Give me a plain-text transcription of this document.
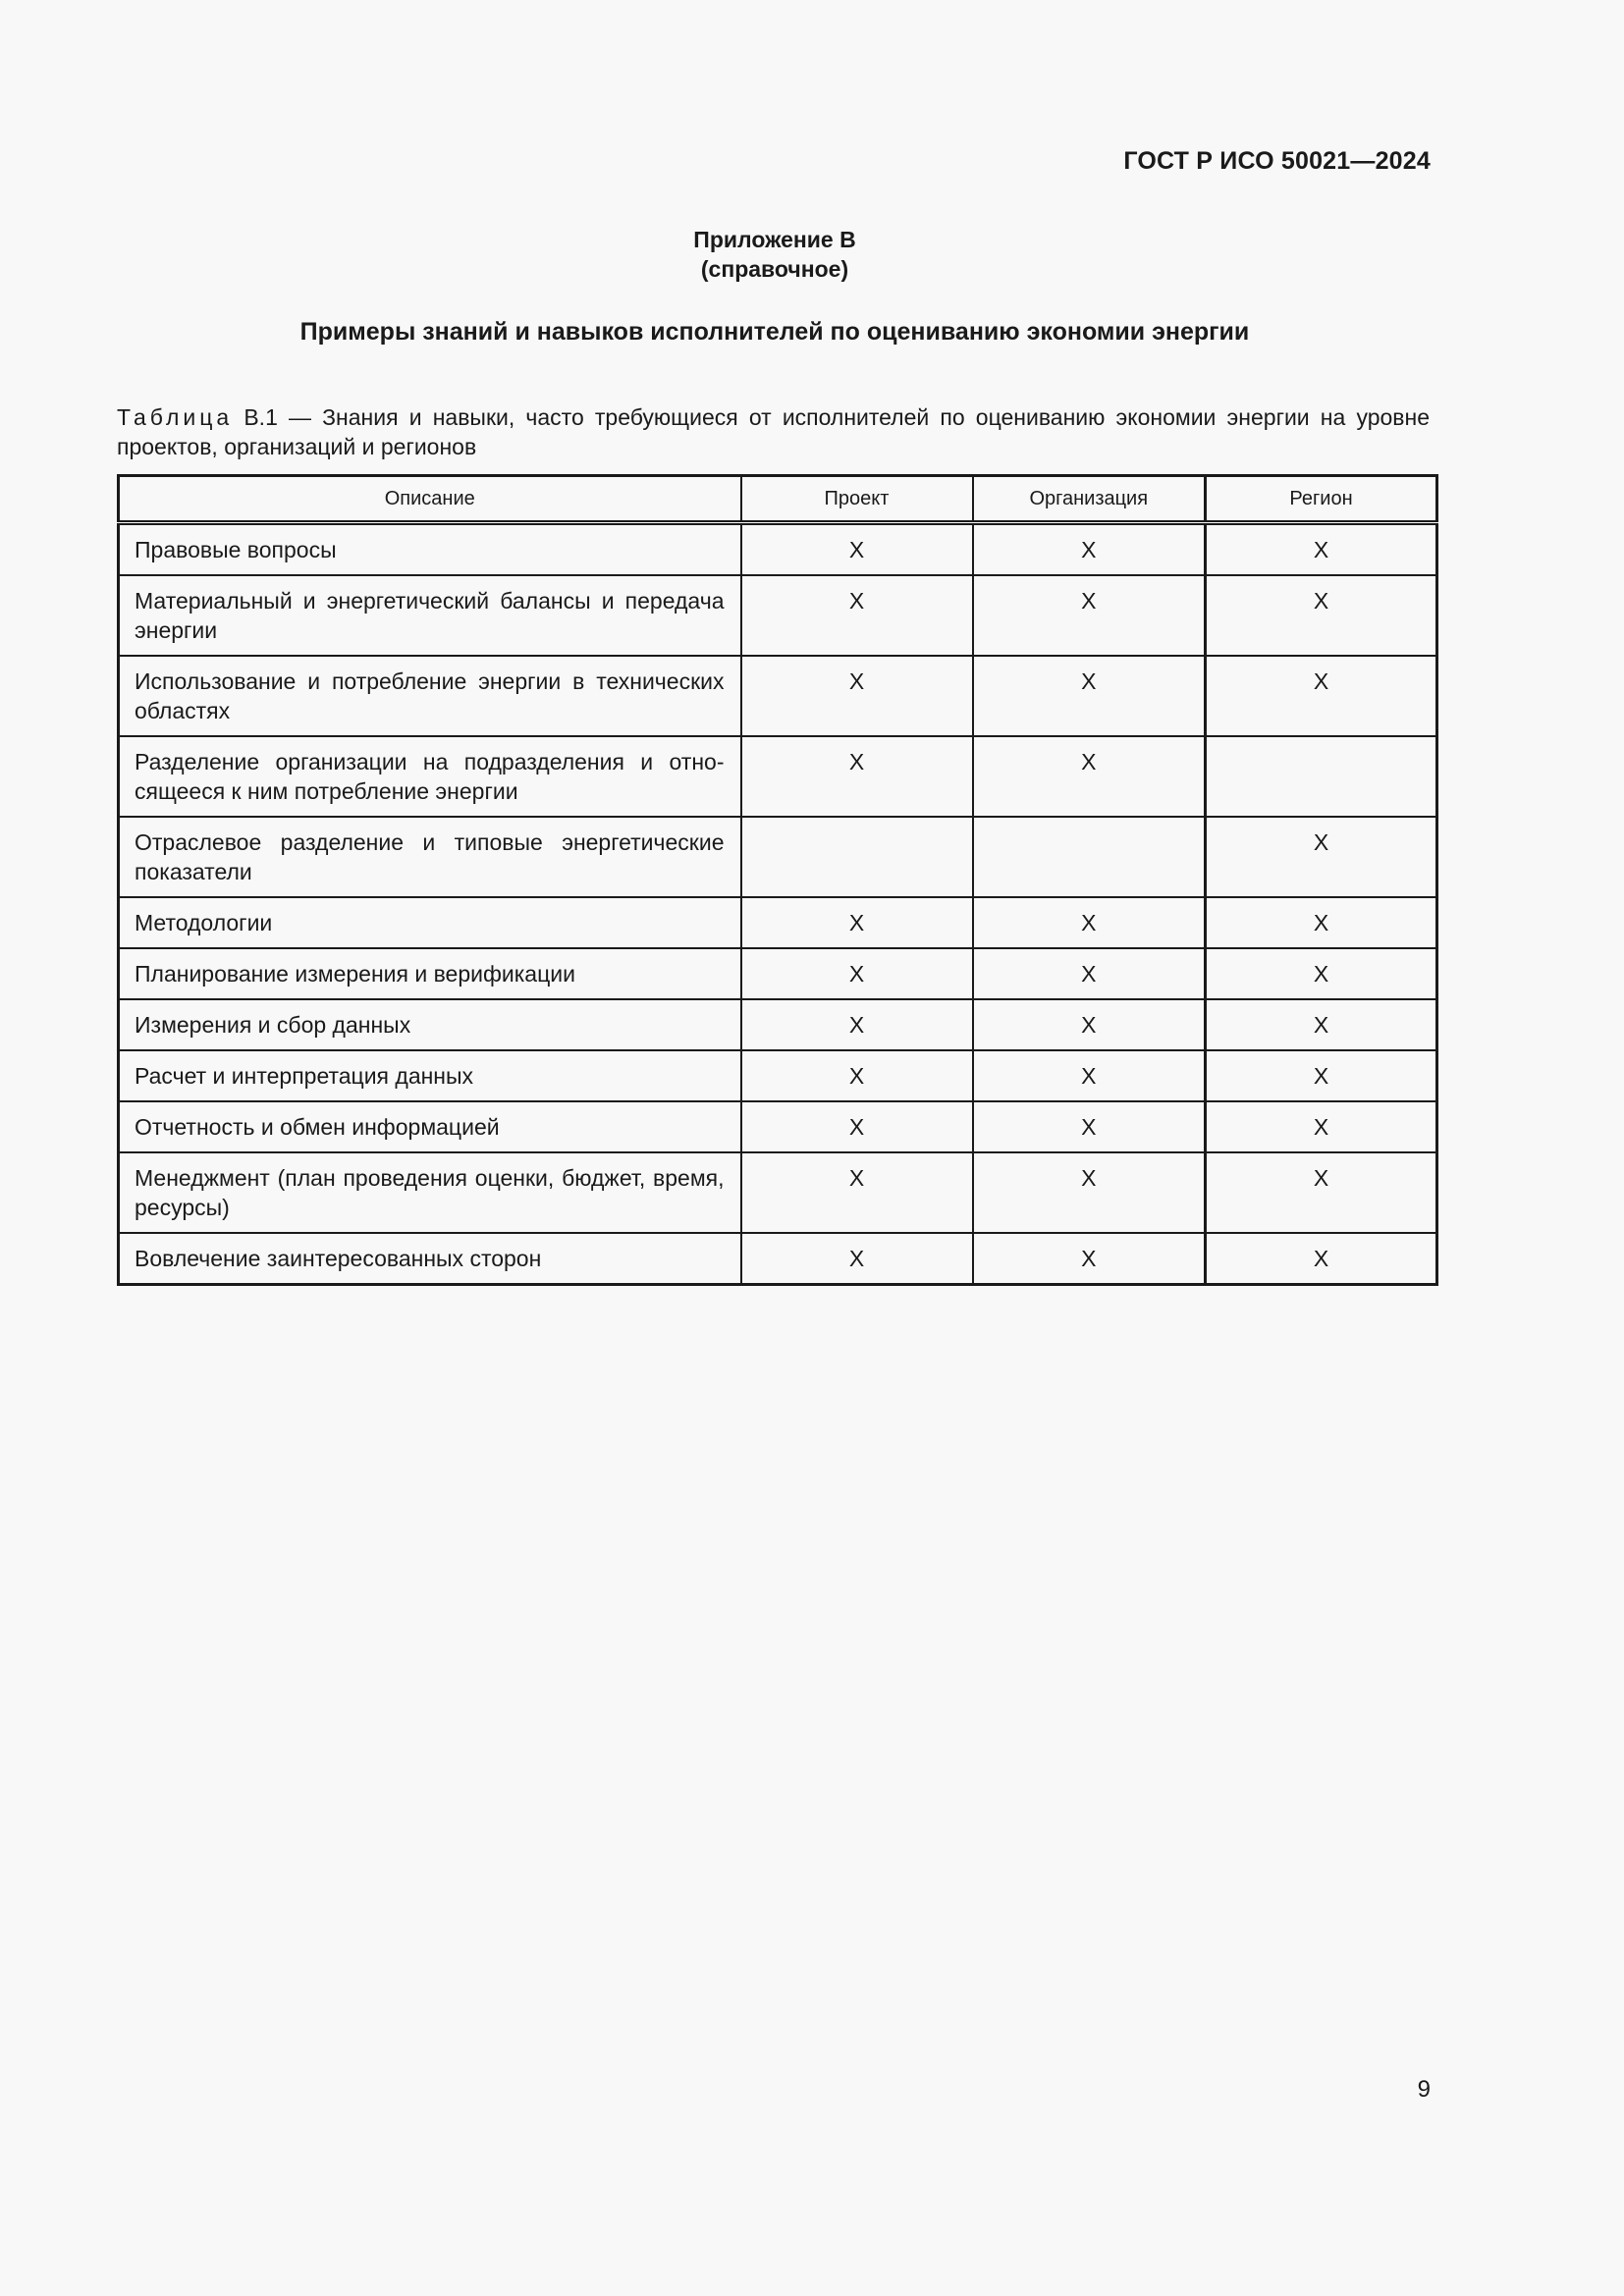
ГОСТ Р ИСО 50021—2024
Приложение В
(справочное)
Примеры знаний и навыков исполнителей по оцениванию экономии энергии
Таблица В.1 — Знания и навыки, часто требующиеся от исполнителей по оцениванию экономии энергии на уровне проектов, организаций и регионов
Описание	Проект	Организация	Регион
Правовые вопросы	X	X	X
Материальный и энергетический балансы и передача энергии	X	X	X
Использование и потребление энергии в технических областях	X	X	X
Разделение организации на подразделения и относящееся к ним потребление энергии	X	X	
Отраслевое разделение и типовые энергетические показатели			X
Методологии	X	X	X
Планирование измерения и верификации	X	X	X
Измерения и сбор данных	X	X	X
Расчет и интерпретация данных	X	X	X
Отчетность и обмен информацией	X	X	X
Менеджмент (план проведения оценки, бюджет, время, ресурсы)	X	X	X
Вовлечение заинтересованных сторон	X	X	X
9
